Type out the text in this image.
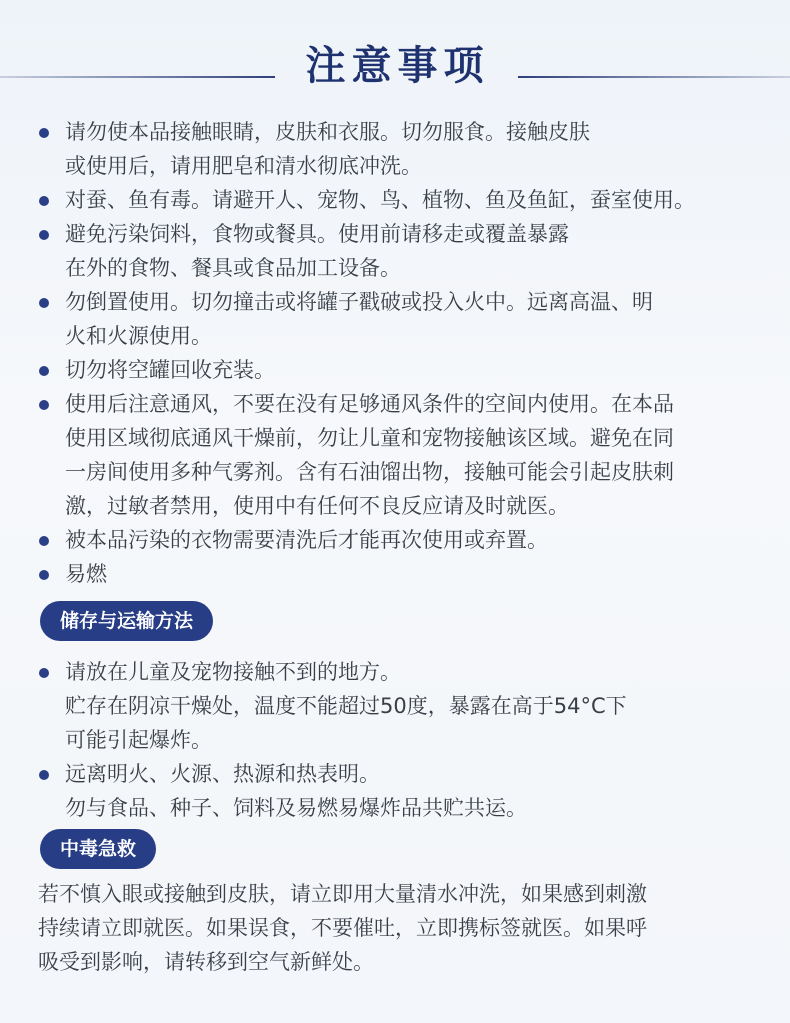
注意事项
请勿使本品接触眼睛，皮肤和衣服。切勿服食。接触皮肤
或使用后，请用肥皂和清水彻底冲洗。
对蚕、鱼有毒。请避开人、宠物、鸟、植物、鱼及鱼缸，蚕室使用。
避免污染饲料，食物或餐具。使用前请移走或覆盖暴露
在外的食物、餐具或食品加工设备。
勿倒置使用。切勿撞击或将罐子戳破或投入火中。远离高温、明
火和火源使用。
切勿将空罐回收充装。
使用后注意通风，不要在没有足够通风条件的空间内使用。在本品
使用区域彻底通风干燥前，勿让儿童和宠物接触该区域。避免在同
一房间使用多种气雾剂。含有石油馏出物，接触可能会引起皮肤刺
激，过敏者禁用，使用中有任何不良反应请及时就医。
被本品污染的衣物需要清洗后才能再次使用或弃置。
易燃
储存与运输方法
请放在儿童及宠物接触不到的地方。
贮存在阴凉干燥处，温度不能超过50度，暴露在高于54°C下
可能引起爆炸。
远离明火、火源、热源和热表明。
勿与食品、种子、饲料及易燃易爆炸品共贮共运。
中毒急救
若不慎入眼或接触到皮肤，请立即用大量清水冲洗，如果感到刺激
持续请立即就医。如果误食，不要催吐，立即携标签就医。如果呼
吸受到影响，请转移到空气新鲜处。
